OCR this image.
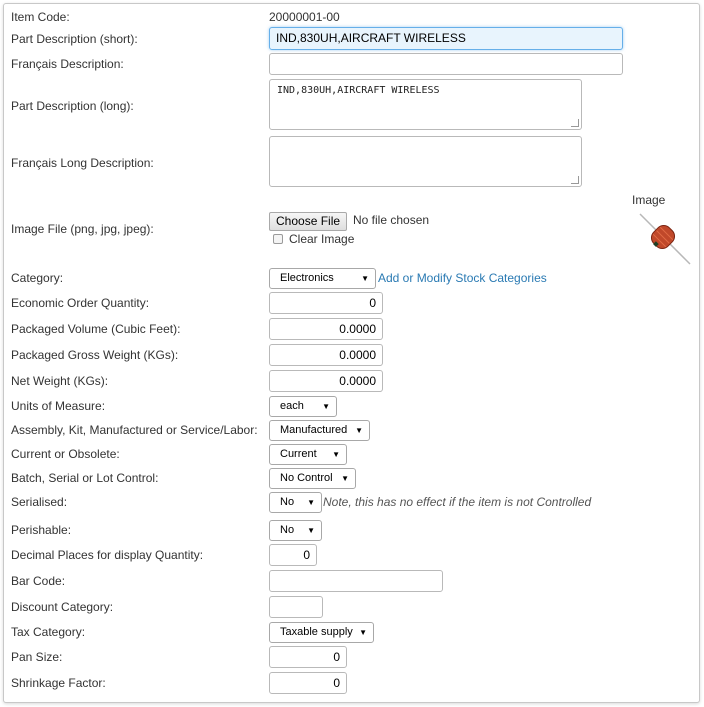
Item Code:	20000001-00
Part Description (short):	IND,830UH,AIRCRAFT WIRELESS
Français Description:
Part Description (long):
IND,830UH,AIRCRAFT WIRELESS
Français Long Description:
Image File (png, jpg, jpeg):
Choose File	No file chosen
Clear Image
Image
Category:	Electronics	▼ Add or Modify Stock Categories
Economic Order Quantity:	0
Packaged Volume (Cubic Feet):	0.0000
Packaged Gross Weight (KGs):	0.0000
Net Weight (KGs):	0.0000
Units of Measure:	each ▼
Assembly, Kit, Manufactured or Service/Labor:	Manufactured ▼
Current or Obsolete:	Current ▼
Batch, Serial or Lot Control:	No Control ▼
Serialised:	No ▼ Note, this has no effect if the item is not Controlled
Perishable:	No ▼
Decimal Places for display Quantity:	0
Bar Code:
Discount Category:
Tax Category:	Taxable supply ▼
Pan Size:	0
Shrinkage Factor:	0
